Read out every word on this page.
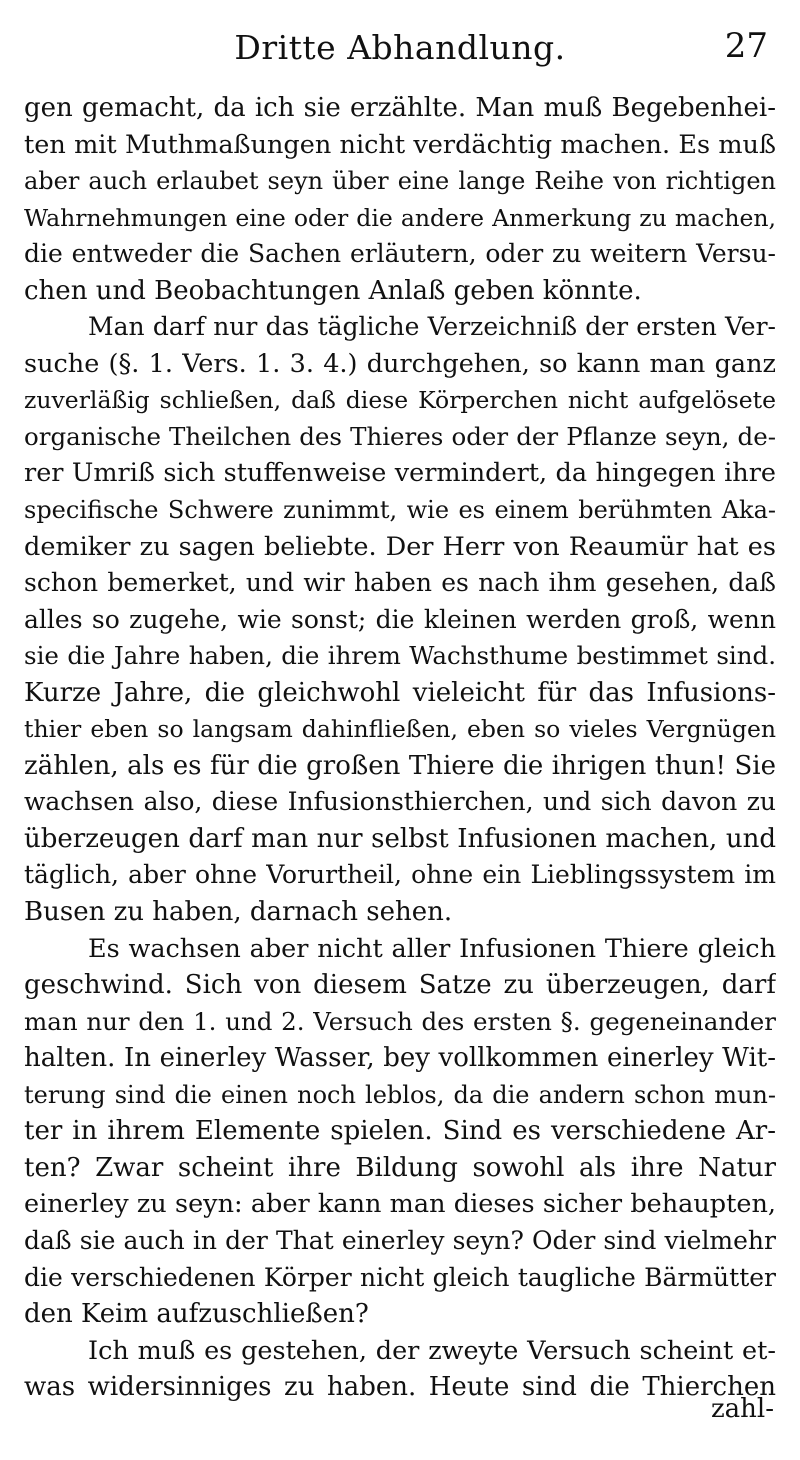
Dritte Abhandlung.	27
gen gemacht, da ich sie erzählte. Man muß Begebenhei-
ten mit Muthmaßungen nicht verdächtig machen. Es muß
aber auch erlaubet seyn über eine lange Reihe von richtigen
Wahrnehmungen eine oder die andere Anmerkung zu machen,
die entweder die Sachen erläutern, oder zu weitern Versu-
chen und Beobachtungen Anlaß geben könnte.
Man darf nur das tägliche Verzeichniß der ersten Ver-
suche (§. 1. Vers. 1. 3. 4.) durchgehen, so kann man ganz
zuverläßig schließen, daß diese Körperchen nicht aufgelösete
organische Theilchen des Thieres oder der Pflanze seyn, de-
rer Umriß sich stuffenweise vermindert, da hingegen ihre
specifische Schwere zunimmt, wie es einem berühmten Aka-
demiker zu sagen beliebte. Der Herr von Reaumür hat es
schon bemerket, und wir haben es nach ihm gesehen, daß
alles so zugehe, wie sonst; die kleinen werden groß, wenn
sie die Jahre haben, die ihrem Wachsthume bestimmet sind.
Kurze Jahre, die gleichwohl vieleicht für das Infusions-
thier eben so langsam dahinfließen, eben so vieles Vergnügen
zählen, als es für die großen Thiere die ihrigen thun! Sie
wachsen also, diese Infusionsthierchen, und sich davon zu
überzeugen darf man nur selbst Infusionen machen, und
täglich, aber ohne Vorurtheil, ohne ein Lieblingssystem im
Busen zu haben, darnach sehen.
Es wachsen aber nicht aller Infusionen Thiere gleich
geschwind. Sich von diesem Satze zu überzeugen, darf
man nur den 1. und 2. Versuch des ersten §. gegeneinander
halten. In einerley Wasser, bey vollkommen einerley Wit-
terung sind die einen noch leblos, da die andern schon mun-
ter in ihrem Elemente spielen. Sind es verschiedene Ar-
ten? Zwar scheint ihre Bildung sowohl als ihre Natur
einerley zu seyn: aber kann man dieses sicher behaupten,
daß sie auch in der That einerley seyn? Oder sind vielmehr
die verschiedenen Körper nicht gleich taugliche Bärmütter
den Keim aufzuschließen?
Ich muß es gestehen, der zweyte Versuch scheint et-
was widersinniges zu haben. Heute sind die Thierchen
zahl-
